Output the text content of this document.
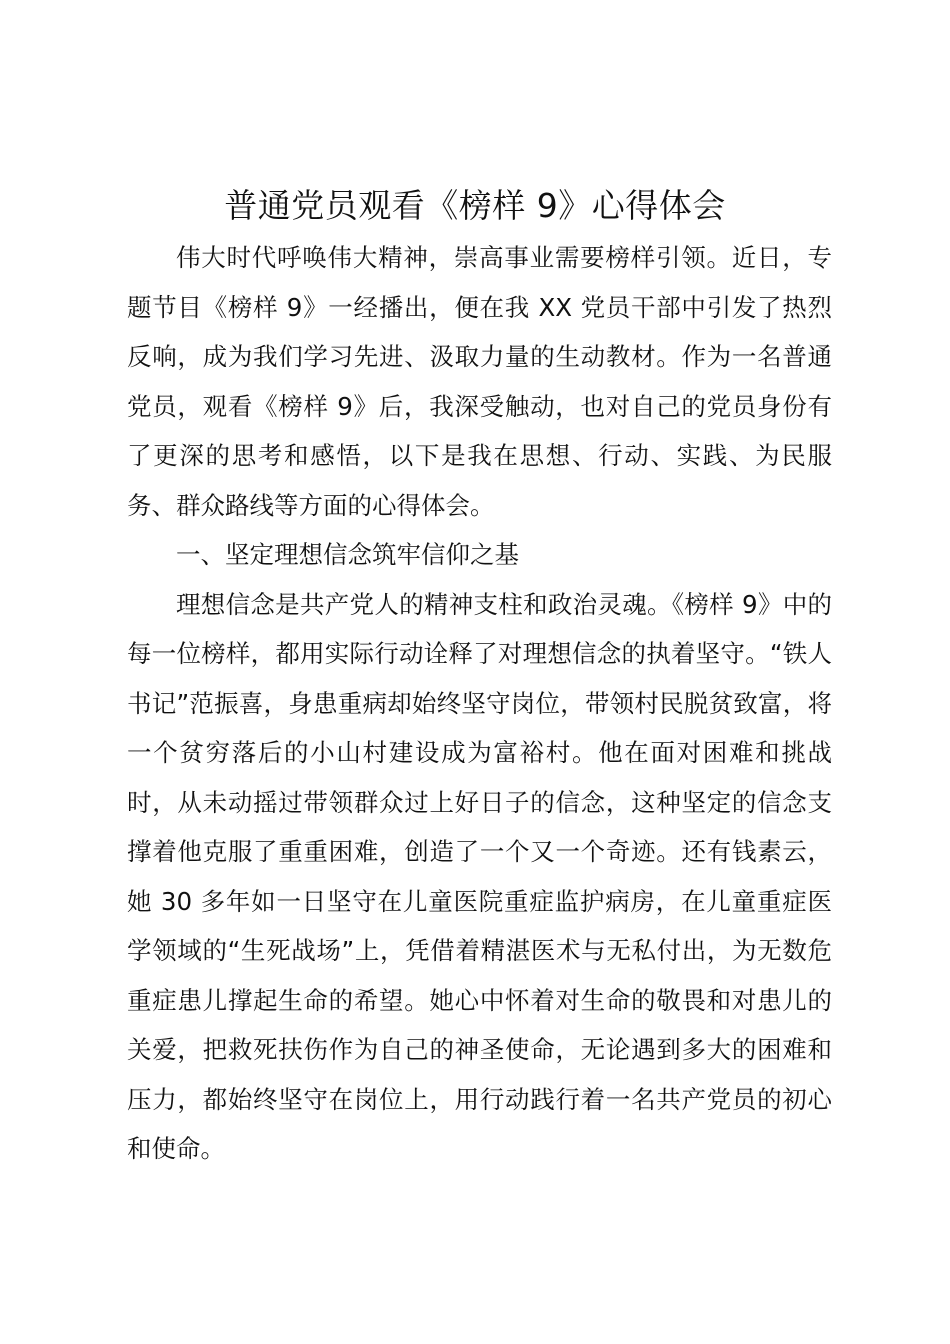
普通党员观看《榜样 9》心得体会

伟大时代呼唤伟大精神，崇高事业需要榜样引领。近日，专题节目《榜样 9》一经播出，便在我 XX 党员干部中引发了热烈反响，成为我们学习先进、汲取力量的生动教材。作为一名普通党员，观看《榜样 9》后，我深受触动，也对自己的党员身份有了更深的思考和感悟，以下是我在思想、行动、实践、为民服务、群众路线等方面的心得体会。

一、坚定理想信念筑牢信仰之基

理想信念是共产党人的精神支柱和政治灵魂。《榜样 9》中的每一位榜样，都用实际行动诠释了对理想信念的执着坚守。“铁人书记”范振喜，身患重病却始终坚守岗位，带领村民脱贫致富，将一个贫穷落后的小山村建设成为富裕村。他在面对困难和挑战时，从未动摇过带领群众过上好日子的信念，这种坚定的信念支撑着他克服了重重困难，创造了一个又一个奇迹。还有钱素云，她 30 多年如一日坚守在儿童医院重症监护病房，在儿童重症医学领域的“生死战场”上，凭借着精湛医术与无私付出，为无数危重症患儿撑起生命的希望。她心中怀着对生命的敬畏和对患儿的关爱，把救死扶伤作为自己的神圣使命，无论遇到多大的困难和压力，都始终坚守在岗位上，用行动践行着一名共产党员的初心和使命。
